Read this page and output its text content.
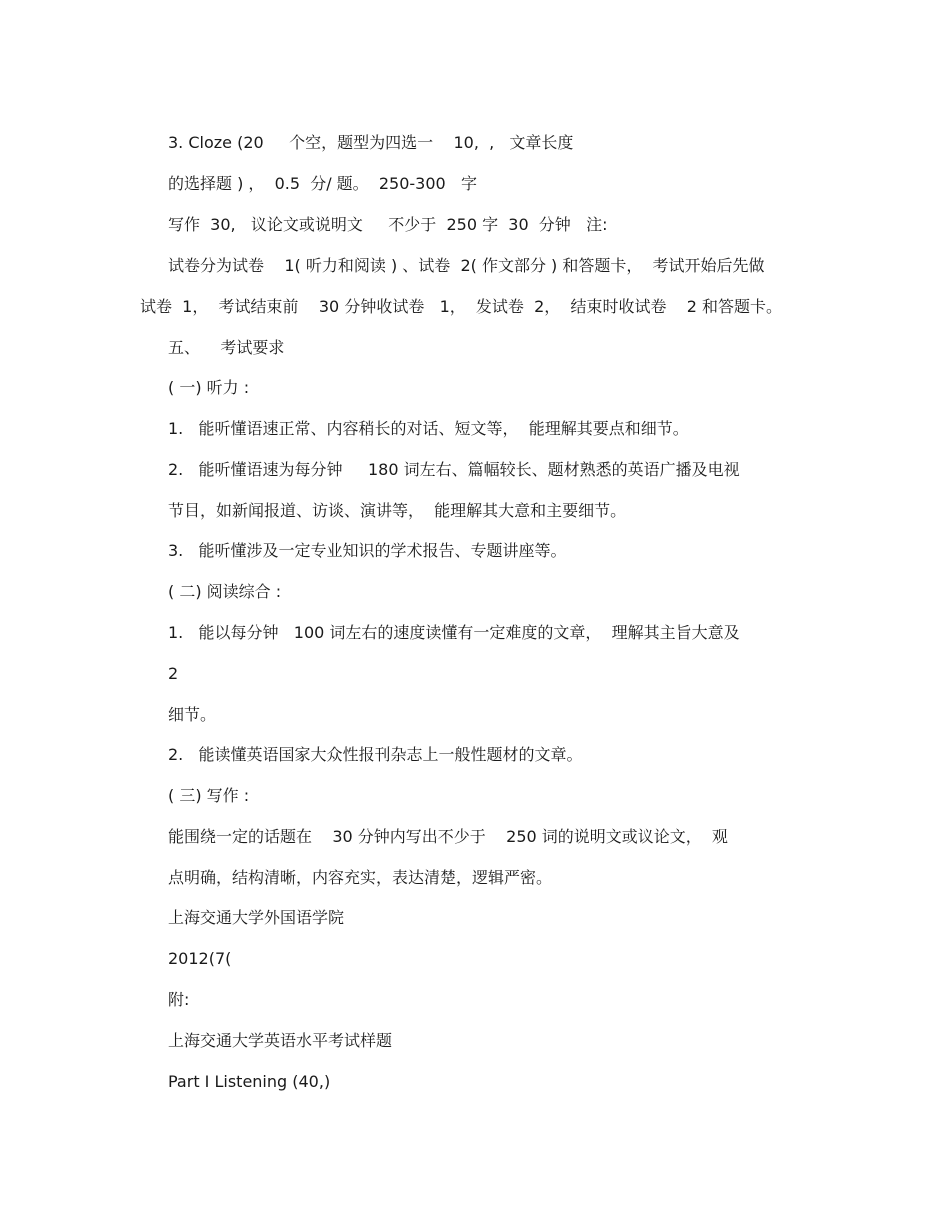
3. Cloze (20     个空，题型为四选一    10,  ,   文章长度

的选择题 ) ，  0.5  分/ 题。  250-300   字

写作  30,   议论文或说明文     不少于  250 字  30  分钟   注:

试卷分为试卷    1( 听力和阅读 ) 、试卷  2( 作文部分 ) 和答题卡，  考试开始后先做

试卷  1，  考试结束前    30 分钟收试卷   1，  发试卷  2，  结束时收试卷    2 和答题卡。

五、    考试要求

( 一) 听力 :

1.   能听懂语速正常、内容稍长的对话、短文等，  能理解其要点和细节。

2.   能听懂语速为每分钟     180 词左右、篇幅较长、题材熟悉的英语广播及电视

节目，如新闻报道、访谈、演讲等，  能理解其大意和主要细节。

3.   能听懂涉及一定专业知识的学术报告、专题讲座等。

( 二) 阅读综合 :

1.   能以每分钟   100 词左右的速度读懂有一定难度的文章，  理解其主旨大意及

2

细节。

2.   能读懂英语国家大众性报刊杂志上一般性题材的文章。

( 三) 写作 :

能围绕一定的话题在    30 分钟内写出不少于    250 词的说明文或议论文，  观

点明确，结构清晰，内容充实，表达清楚，逻辑严密。

上海交通大学外国语学院

2012(7(

附:

上海交通大学英语水平考试样题

Part I Listening (40,)
